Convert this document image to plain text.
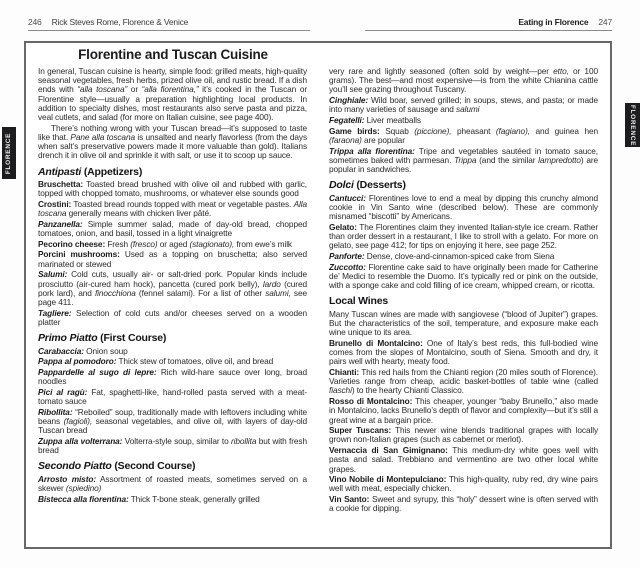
246 Rick Steves Rome, Florence & Venice	Eating in Florence 247
FLORENCE
FLORENCE
Florentine and Tuscan Cuisine

In general, Tuscan cuisine is hearty, simple food: grilled meats, high-quality seasonal vegetables, fresh herbs, prized olive oil, and rustic bread. If a dish ends with “alla toscana” or “alla fiorentina,” it’s cooked in the Tuscan or Florentine style—usually a preparation highlighting local products. In addition to specialty dishes, most restaurants also serve pasta and pizza, veal cutlets, and salad (for more on Italian cuisine, see page 400).

There’s nothing wrong with your Tuscan bread—it’s supposed to taste like that. Pane alla toscana is unsalted and nearly flavorless (from the days when salt’s preservative powers made it more valuable than gold). Italians drench it in olive oil and sprinkle it with salt, or use it to scoop up sauce.

Antipasti (Appetizers)

Bruschetta: Toasted bread brushed with olive oil and rubbed with garlic, topped with chopped tomato, mushrooms, or whatever else sounds good

Crostini: Toasted bread rounds topped with meat or vegetable pastes. Alla toscana generally means with chicken liver pâté.

Panzanella: Simple summer salad, made of day-old bread, chopped tomatoes, onion, and basil, tossed in a light vinaigrette

Pecorino cheese: Fresh (fresco) or aged (stagionato), from ewe’s milk

Porcini mushrooms: Used as a topping on bruschetta; also served marinated or stewed

Salumi: Cold cuts, usually air- or salt-dried pork. Popular kinds include prosciutto (air-cured ham hock), pancetta (cured pork belly), lardo (cured pork lard), and finocchiona (fennel salami). For a list of other salumi, see page 411.

Tagliere: Selection of cold cuts and/or cheeses served on a wooden platter

Primo Piatto (First Course)

Carabaccia: Onion soup

Pappa al pomodoro: Thick stew of tomatoes, olive oil, and bread

Pappardelle al sugo di lepre: Rich wild-hare sauce over long, broad noodles

Pici al ragù: Fat, spaghetti-like, hand-rolled pasta served with a meat-tomato sauce

Ribollita: “Reboiled” soup, traditionally made with leftovers including white beans (fagioli), seasonal vegetables, and olive oil, with layers of day-old Tuscan bread

Zuppa alla volterrana: Volterra-style soup, similar to ribollita but with fresh bread

Secondo Piatto (Second Course)

Arrosto misto: Assortment of roasted meats, sometimes served on a skewer (spiedino)

Bistecca alla fiorentina: Thick T-bone steak, generally grilled

very rare and lightly seasoned (often sold by weight—per etto, or 100 grams). The best—and most expensive—is from the white Chianina cattle you’ll see grazing throughout Tuscany.

Cinghiale: Wild boar, served grilled; in soups, stews, and pasta; or made into many varieties of sausage and salumi

Fegatelli: Liver meatballs

Game birds: Squab (piccione), pheasant (fagiano), and guinea hen (faraona) are popular

Trippa alla fiorentina: Tripe and vegetables sautéed in tomato sauce, sometimes baked with parmesan. Trippa (and the similar lampredotto) are popular in sandwiches.

Dolci (Desserts)

Cantucci: Florentines love to end a meal by dipping this crunchy almond cookie in Vin Santo wine (described below). These are commonly misnamed “biscotti” by Americans.

Gelato: The Florentines claim they invented Italian-style ice cream. Rather than order dessert in a restaurant, I like to stroll with a gelato. For more on gelato, see page 412; for tips on enjoying it here, see page 252.

Panforte: Dense, clove-and-cinnamon-spiced cake from Siena

Zuccotto: Florentine cake said to have originally been made for Catherine de’ Medici to resemble the Duomo. It’s typically red or pink on the outside, with a sponge cake and cold filling of ice cream, whipped cream, or ricotta.

Local Wines

Many Tuscan wines are made with sangiovese (“blood of Jupiter”) grapes. But the characteristics of the soil, temperature, and exposure make each wine unique to its area.

Brunello di Montalcino: One of Italy’s best reds, this full-bodied wine comes from the slopes of Montalcino, south of Siena. Smooth and dry, it pairs well with hearty, meaty food.

Chianti: This red hails from the Chianti region (20 miles south of Florence). Varieties range from cheap, acidic basket-bottles of table wine (called fiaschi) to the hearty Chianti Classico.

Rosso di Montalcino: This cheaper, younger “baby Brunello,” also made in Montalcino, lacks Brunello’s depth of flavor and complexity—but it’s still a great wine at a bargain price.

Super Tuscans: This newer wine blends traditional grapes with locally grown non-Italian grapes (such as cabernet or merlot).

Vernaccia di San Gimignano: This medium-dry white goes well with pasta and salad. Trebbiano and vermentino are two other local white grapes.

Vino Nobile di Montepulciano: This high-quality, ruby red, dry wine pairs well with meat, especially chicken.

Vin Santo: Sweet and syrupy, this “holy” dessert wine is often served with a cookie for dipping.
